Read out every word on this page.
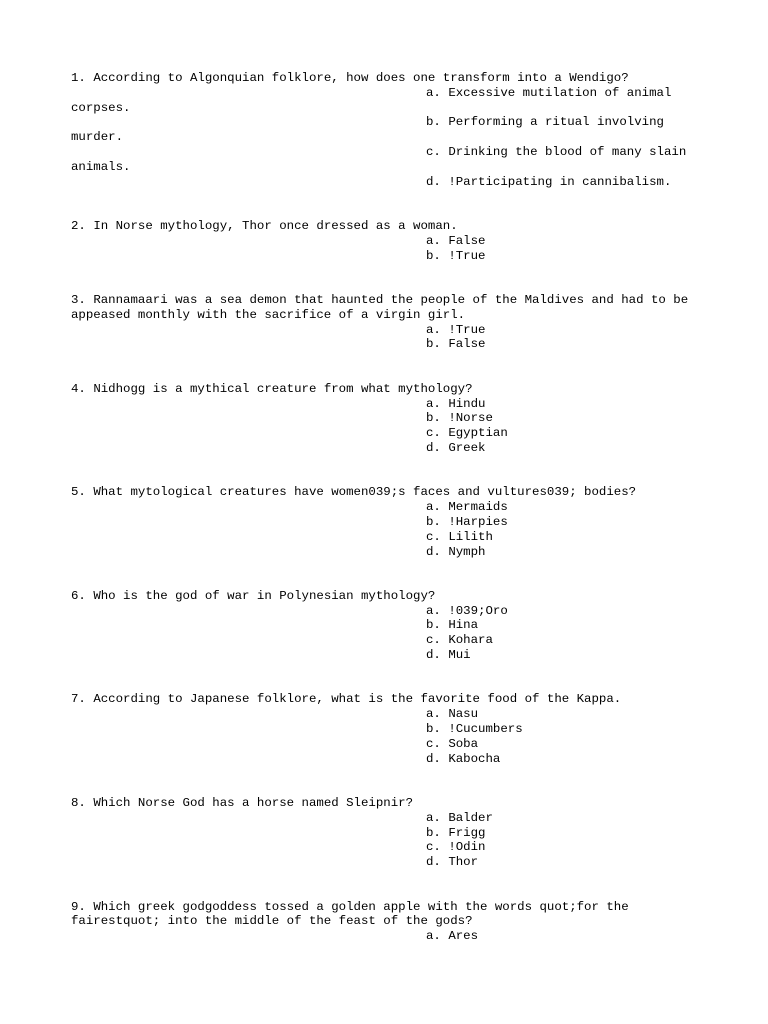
1. According to Algonquian folklore, how does one transform into a Wendigo?
a. Excessive mutilation of animal corpses.
b. Performing a ritual involving murder.
c. Drinking the blood of many slain animals.
d. !Participating in cannibalism.
2. In Norse mythology, Thor once dressed as a woman.
a. False
b. !True
3. Rannamaari was a sea demon that haunted the people of the Maldives and had to be appeased monthly with the sacrifice of a virgin girl.
a. !True
b. False
4. Nidhogg is a mythical creature from what mythology?
a. Hindu
b. !Norse
c. Egyptian
d. Greek
5. What mytological creatures have women039;s faces and vultures039; bodies?
a. Mermaids
b. !Harpies
c. Lilith
d. Nymph
6. Who is the god of war in Polynesian mythology?
a. !039;Oro
b. Hina
c. Kohara
d. Mui
7. According to Japanese folklore, what is the favorite food of the Kappa.
a. Nasu
b. !Cucumbers
c. Soba
d. Kabocha
8. Which Norse God has a horse named Sleipnir?
a. Balder
b. Frigg
c. !Odin
d. Thor
9. Which greek godgoddess tossed a golden apple with the words quot;for the fairestquot; into the middle of the feast of the gods?
a. Ares
